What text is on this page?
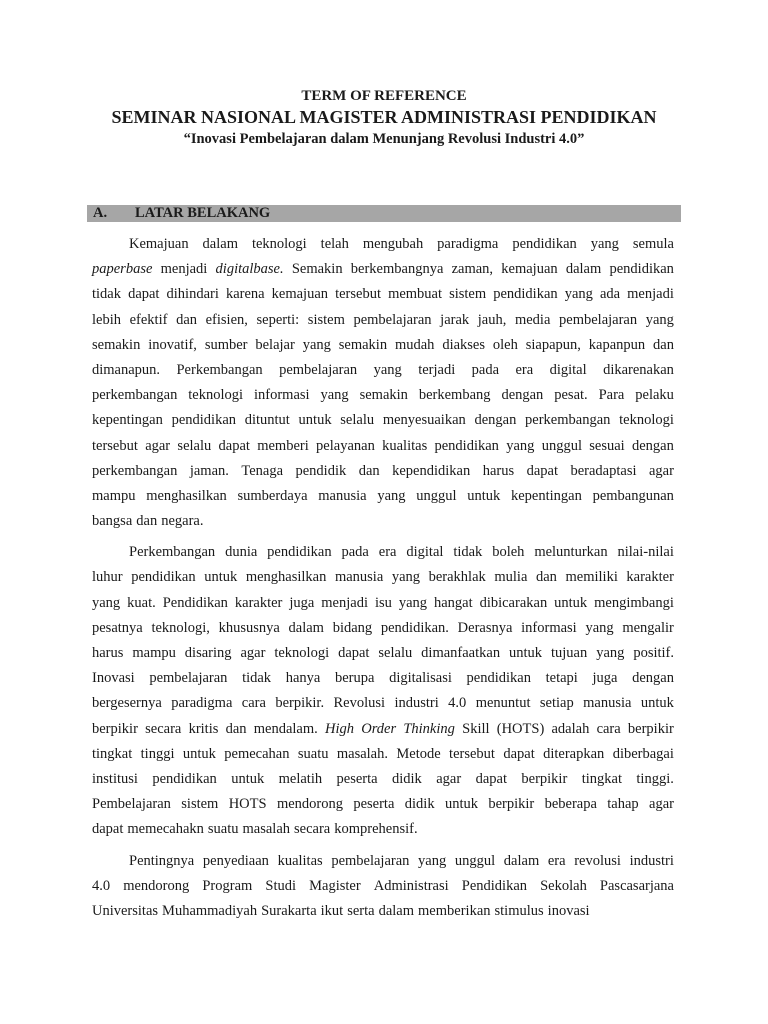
TERM OF REFERENCE
SEMINAR NASIONAL MAGISTER ADMINISTRASI PENDIDIKAN
“Inovasi Pembelajaran dalam Menunjang Revolusi Industri 4.0”
A.	LATAR BELAKANG
Kemajuan dalam teknologi telah mengubah paradigma pendidikan yang semula
paperbase menjadi digitalbase. Semakin berkembangnya zaman, kemajuan dalam pendidikan
tidak dapat dihindari karena kemajuan tersebut membuat sistem pendidikan yang ada menjadi
lebih efektif dan efisien, seperti: sistem pembelajaran jarak jauh, media pembelajaran yang
semakin inovatif, sumber belajar yang semakin mudah diakses oleh siapapun, kapanpun dan
dimanapun. Perkembangan pembelajaran yang terjadi pada era digital dikarenakan
perkembangan teknologi informasi yang semakin berkembang dengan pesat. Para pelaku
kepentingan pendidikan dituntut untuk selalu menyesuaikan dengan perkembangan teknologi
tersebut agar selalu dapat memberi pelayanan kualitas pendidikan yang unggul sesuai dengan
perkembangan jaman. Tenaga pendidik dan kependidikan harus dapat beradaptasi agar
mampu menghasilkan sumberdaya manusia yang unggul untuk kepentingan pembangunan
bangsa dan negara.
Perkembangan dunia pendidikan pada era digital tidak boleh melunturkan nilai-nilai
luhur pendidikan untuk menghasilkan manusia yang berakhlak mulia dan memiliki karakter
yang kuat. Pendidikan karakter juga menjadi isu yang hangat dibicarakan untuk mengimbangi
pesatnya teknologi, khususnya dalam bidang pendidikan. Derasnya informasi yang mengalir
harus mampu disaring agar teknologi dapat selalu dimanfaatkan untuk tujuan yang positif.
Inovasi pembelajaran tidak hanya berupa digitalisasi pendidikan tetapi juga dengan
bergesernya paradigma cara berpikir. Revolusi industri 4.0 menuntut setiap manusia untuk
berpikir secara kritis dan mendalam. High Order Thinking Skill (HOTS) adalah cara berpikir
tingkat tinggi untuk pemecahan suatu masalah. Metode tersebut dapat diterapkan diberbagai
institusi pendidikan untuk melatih peserta didik agar dapat berpikir tingkat tinggi.
Pembelajaran sistem HOTS mendorong peserta didik untuk berpikir beberapa tahap agar
dapat memecahakn suatu masalah secara komprehensif.
Pentingnya penyediaan kualitas pembelajaran yang unggul dalam era revolusi industri
4.0 mendorong Program Studi Magister Administrasi Pendidikan Sekolah Pascasarjana
Universitas Muhammadiyah Surakarta ikut serta dalam memberikan stimulus inovasi
